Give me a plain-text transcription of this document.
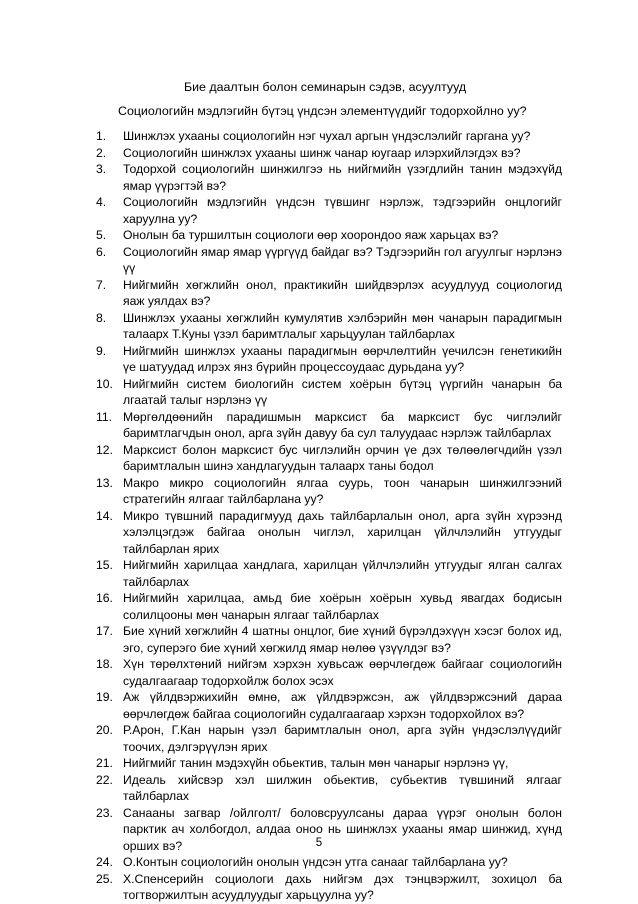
Бие даалтын болон семинарын сэдэв, асуултууд
Социологийн мэдлэгийн бүтэц үндсэн элементүүдийг тодорхойлно уу?
1.	Шинжлэх ухааны социологийн нэг чухал аргын үндэслэлийг гаргана уу?
2.	Социологийн шинжлэх ухааны шинж чанар юугаар илэрхийлэгдэх вэ?
3.	Тодорхой социологийн шинжилгээ нь нийгмийн үзэгдлийн танин мэдэхүйд ямар үүрэгтэй вэ?
4.	Социологийн мэдлэгийн үндсэн түвшинг нэрлэж, тэдгээрийн онцлогийг харуулна уу?
5.	Онолын ба туршилтын социологи өөр хоорондоо яаж харьцах вэ?
6.	Социологийн ямар ямар үүргүүд байдаг вэ? Тэдгээрийн гол агуулгыг нэрлэнэ үү
7.	Нийгмийн хөгжлийн онол, практикийн шийдвэрлэх асуудлууд социологид яаж уялдах вэ?
8.	Шинжлэх ухааны хөгжлийн кумулятив хэлбэрийн мөн чанарын парадигмын талаарх Т.Куны үзэл баримтлалыг харьцуулан тайлбарлах
9.	Нийгмийн шинжлэх ухааны парадигмын өөрчлөлтийн үечилсэн генетикийн үе шатуудад илрэх янз бүрийн процессоудаас дурьдана уу?
10. Нийгмийн систем биологийн систем хоёрын бүтэц үүргийн чанарын ба лгаатай талыг нэрлэнэ үү
11. Мөргөлдөөнийн парадишмын марксист ба марксист бус чиглэлийг баримтлагчдын онол, арга зүйн давуу ба сул талуудаас нэрлэж тайлбарлах
12. Марксист болон марксист бус чиглэлийн орчин үе дэх төлөөлөгчдийн үзэл баримтлалын шинэ хандлагуудын талаарх таны бодол
13. Макро микро социологийн ялгаа суурь, тоон чанарын шинжилгээний стратегийн ялгааг тайлбарлана уу?
14. Микро түвшний парадигмууд дахь тайлбарлалын онол, арга зүйн хүрээнд хэлэлцэгдэж байгаа онолын чиглэл, харилцан үйлчлэлийн утгуудыг тайлбарлан ярих
15. Нийгмийн харилцаа хандлага, харилцан үйлчлэлийн утгуудыг ялган салгах тайлбарлах
16. Нийгмийн харилцаа, амьд бие хоёрын хоёрын хувьд явагдах бодисын солилцооны мөн чанарын ялгааг тайлбарлах
17. Бие хүний хөгжлийн 4 шатны онцлог, бие хүний бүрэлдэхүүн хэсэг болох ид, эго, суперэго бие хүний хөгжилд ямар нөлөө үзүүлдэг вэ?
18. Хүн төрөлхтөний нийгэм хэрхэн хувьсаж өөрчлөгдөж байгааг социологийн судалгаагаар тодорхойлж болох эсэх
19. Аж үйлдвэржихийн өмнө, аж үйлдвэржсэн, аж үйлдвэржсэний дараа өөрчлөгдөж байгаа социологийн судалгаагаар хэрхэн тодорхойлох вэ?
20. Р.Арон, Г.Кан нарын үзэл баримтлалын онол, арга зүйн үндэслэлүүдийг тоочих, дэлгэрүүлэн ярих
21. Нийгмийг танин мэдэхүйн обьектив, талын мөн чанарыг нэрлэнэ үү,
22. Идеаль хийсвэр хэл шилжин обьектив, субьектив түвшиний ялгааг тайлбарлах
23. Санааны загвар /ойлголт/ боловсруулсаны дараа үүрэг онолын болон парктик ач холбогдол, алдаа оноо нь шинжлэх ухааны ямар шинжид, хүнд орших вэ?
24. О.Контын социологийн онолын үндсэн утга санааг тайлбарлана уу?
25. Х.Спенсерийн социологи дахь нийгэм дэх тэнцвэржилт, зохицол ба тогтворжилтын асуудлуудыг харьцуулна уу?
5
